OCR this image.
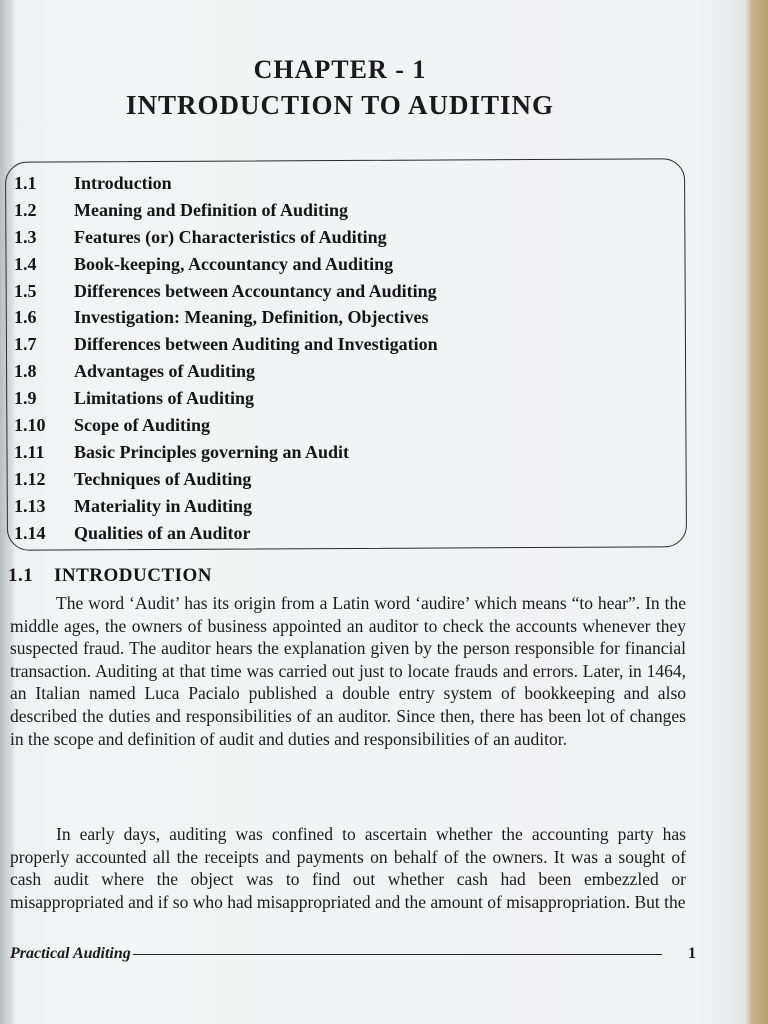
CHAPTER - 1
INTRODUCTION TO AUDITING
1.1 Introduction
1.2 Meaning and Definition of Auditing
1.3 Features (or) Characteristics of Auditing
1.4 Book-keeping, Accountancy and Auditing
1.5 Differences between Accountancy and Auditing
1.6 Investigation: Meaning, Definition, Objectives
1.7 Differences between Auditing and Investigation
1.8 Advantages of Auditing
1.9 Limitations of Auditing
1.10 Scope of Auditing
1.11 Basic Principles governing an Audit
1.12 Techniques of Auditing
1.13 Materiality in Auditing
1.14 Qualities of an Auditor
1.1 INTRODUCTION

The word ‘Audit’ has its origin from a Latin word ‘audire’ which means “to hear”. In the middle ages, the owners of business appointed an auditor to check the accounts whenever they suspected fraud. The auditor hears the explanation given by the person responsible for financial transaction. Auditing at that time was carried out just to locate frauds and errors. Later, in 1464, an Italian named Luca Pacialo published a double entry system of bookkeeping and also described the duties and responsibilities of an auditor. Since then, there has been lot of changes in the scope and definition of audit and duties and responsibilities of an auditor.

In early days, auditing was confined to ascertain whether the accounting party has properly accounted all the receipts and payments on behalf of the owners. It was a sought of cash audit where the object was to find out whether cash had been embezzled or misappropriated and if so who had misappropriated and the amount of misappropriation. But the

Practical Auditing	1
